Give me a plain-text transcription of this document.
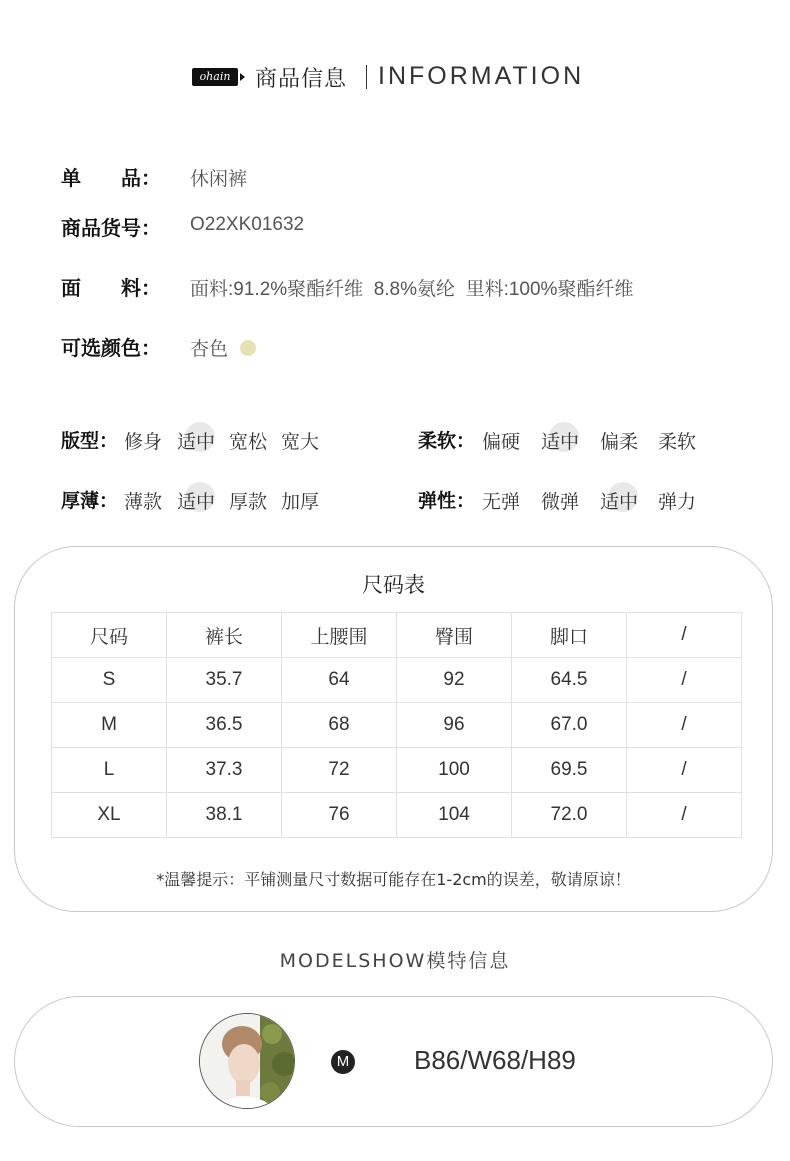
ohain	商品信息 INFORMATION
单　　品： 休闲裤
商品货号： O22XK01632
面　　料： 面料:91.2%聚酯纤维  8.8%氨纶  里料:100%聚酯纤维
可选颜色： 杏色
版型： 修身 适中 宽松 宽大	柔软： 偏硬 适中 偏柔 柔软
厚薄： 薄款 适中 厚款 加厚	弹性： 无弹 微弹 适中 弹力
尺码表
尺码	裤长	上腰围	臀围	脚口	/
S	35.7	64	92	64.5	/
M	36.5	68	96	67.0	/
L	37.3	72	100	69.5	/
XL	38.1	76	104	72.0	/
*温馨提示：平铺测量尺寸数据可能存在1-2cm的误差，敬请原谅！
MODELSHOW模特信息
M B86/W68/H89
